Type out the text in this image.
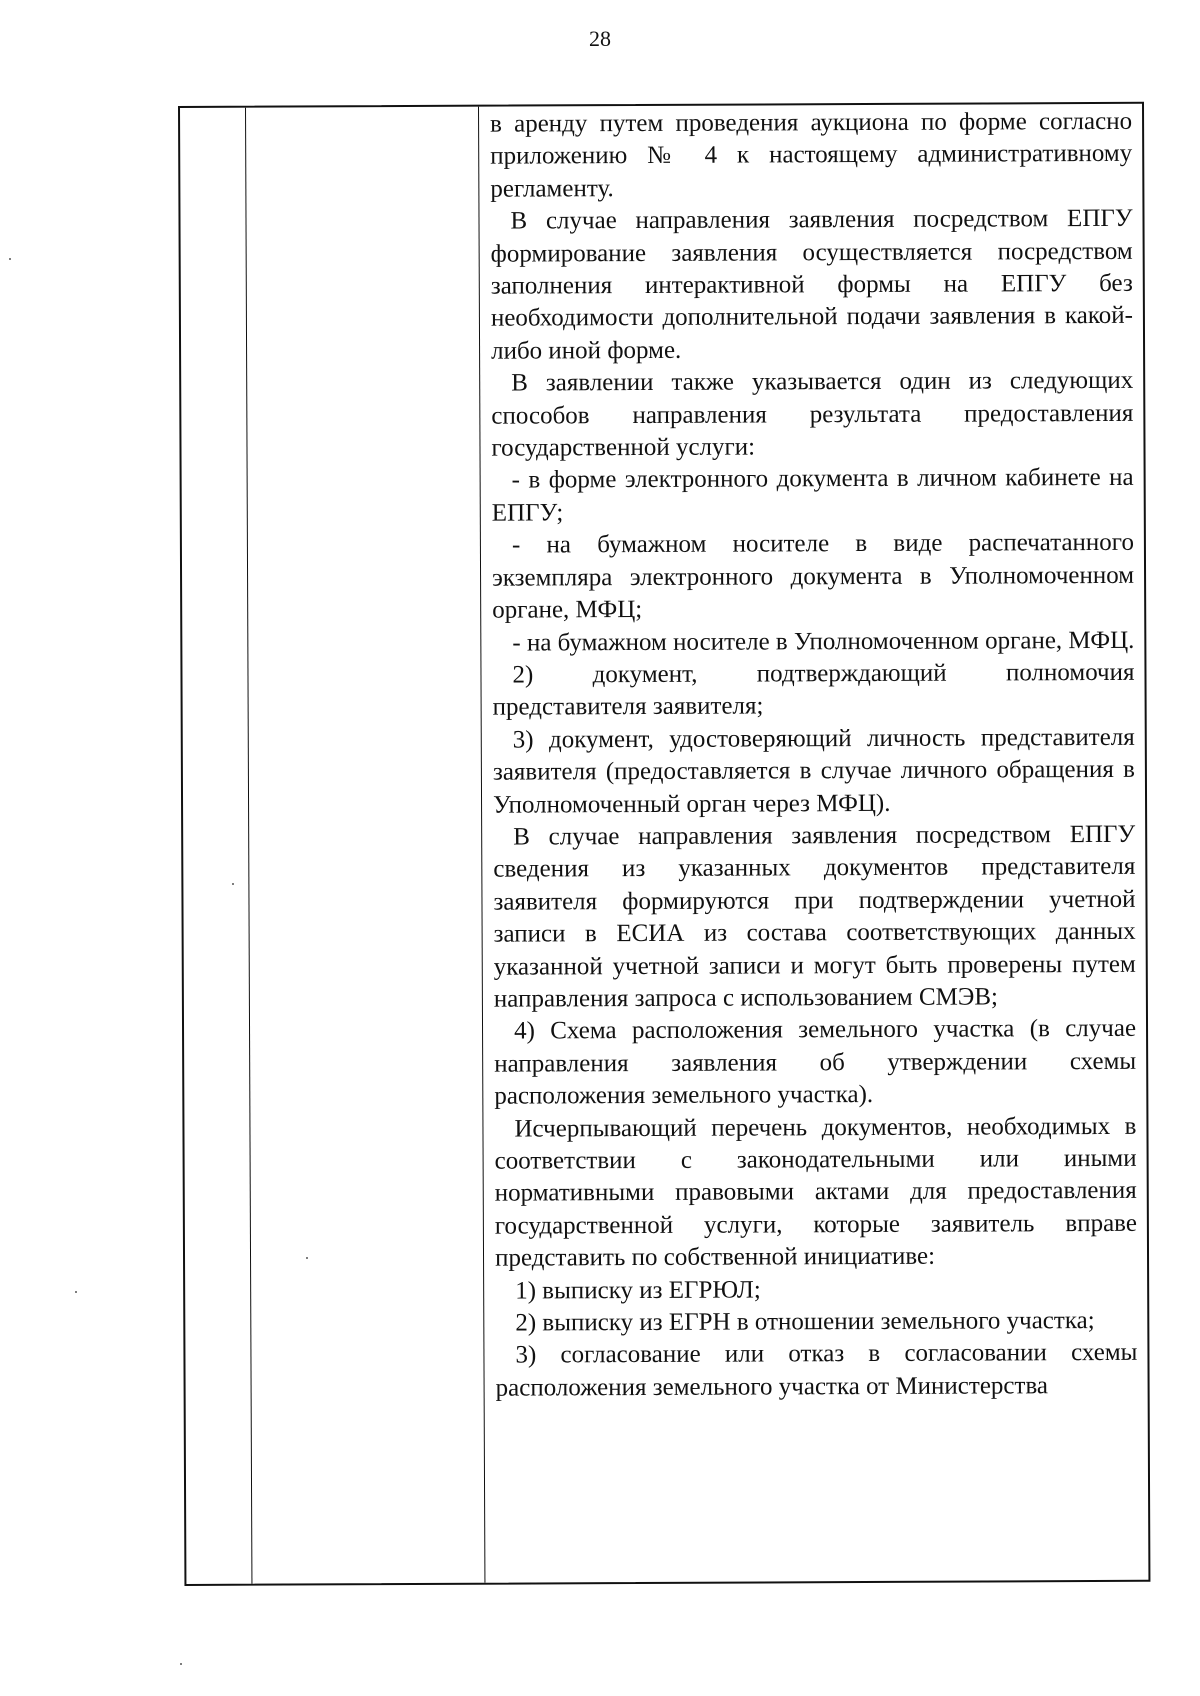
28

в аренду путем проведения аукциона по форме согласно приложению № 4 к настоящему административному регламенту.

В случае направления заявления посредством ЕПГУ формирование заявления осуществляется посредством заполнения интерактивной формы на ЕПГУ без необходимости дополнительной подачи заявления в какой-либо иной форме.

В заявлении также указывается один из следующих способов направления результата предоставления государственной услуги:

- в форме электронного документа в личном кабинете на ЕПГУ;

- на бумажном носителе в виде распечатанного экземпляра электронного документа в Уполномоченном органе, МФЦ;

- на бумажном носителе в Уполномоченном органе, МФЦ.

2) документ, подтверждающий полномочия представителя заявителя;

3) документ, удостоверяющий личность представителя заявителя (предоставляется в случае личного обращения в Уполномоченный орган через МФЦ).

В случае направления заявления посредством ЕПГУ сведения из указанных документов представителя заявителя формируются при подтверждении учетной записи в ЕСИА из состава соответствующих данных указанной учетной записи и могут быть проверены путем направления запроса с использованием СМЭВ;

4) Схема расположения земельного участка (в случае направления заявления об утверждении схемы расположения земельного участка).

Исчерпывающий перечень документов, необходимых в соответствии с законодательными или иными нормативными правовыми актами для предоставления государственной услуги, которые заявитель вправе представить по собственной инициативе:

1) выписку из ЕГРЮЛ;

2) выписку из ЕГРН в отношении земельного участка;

3) согласование или отказ в согласовании схемы расположения земельного участка от Министерства
